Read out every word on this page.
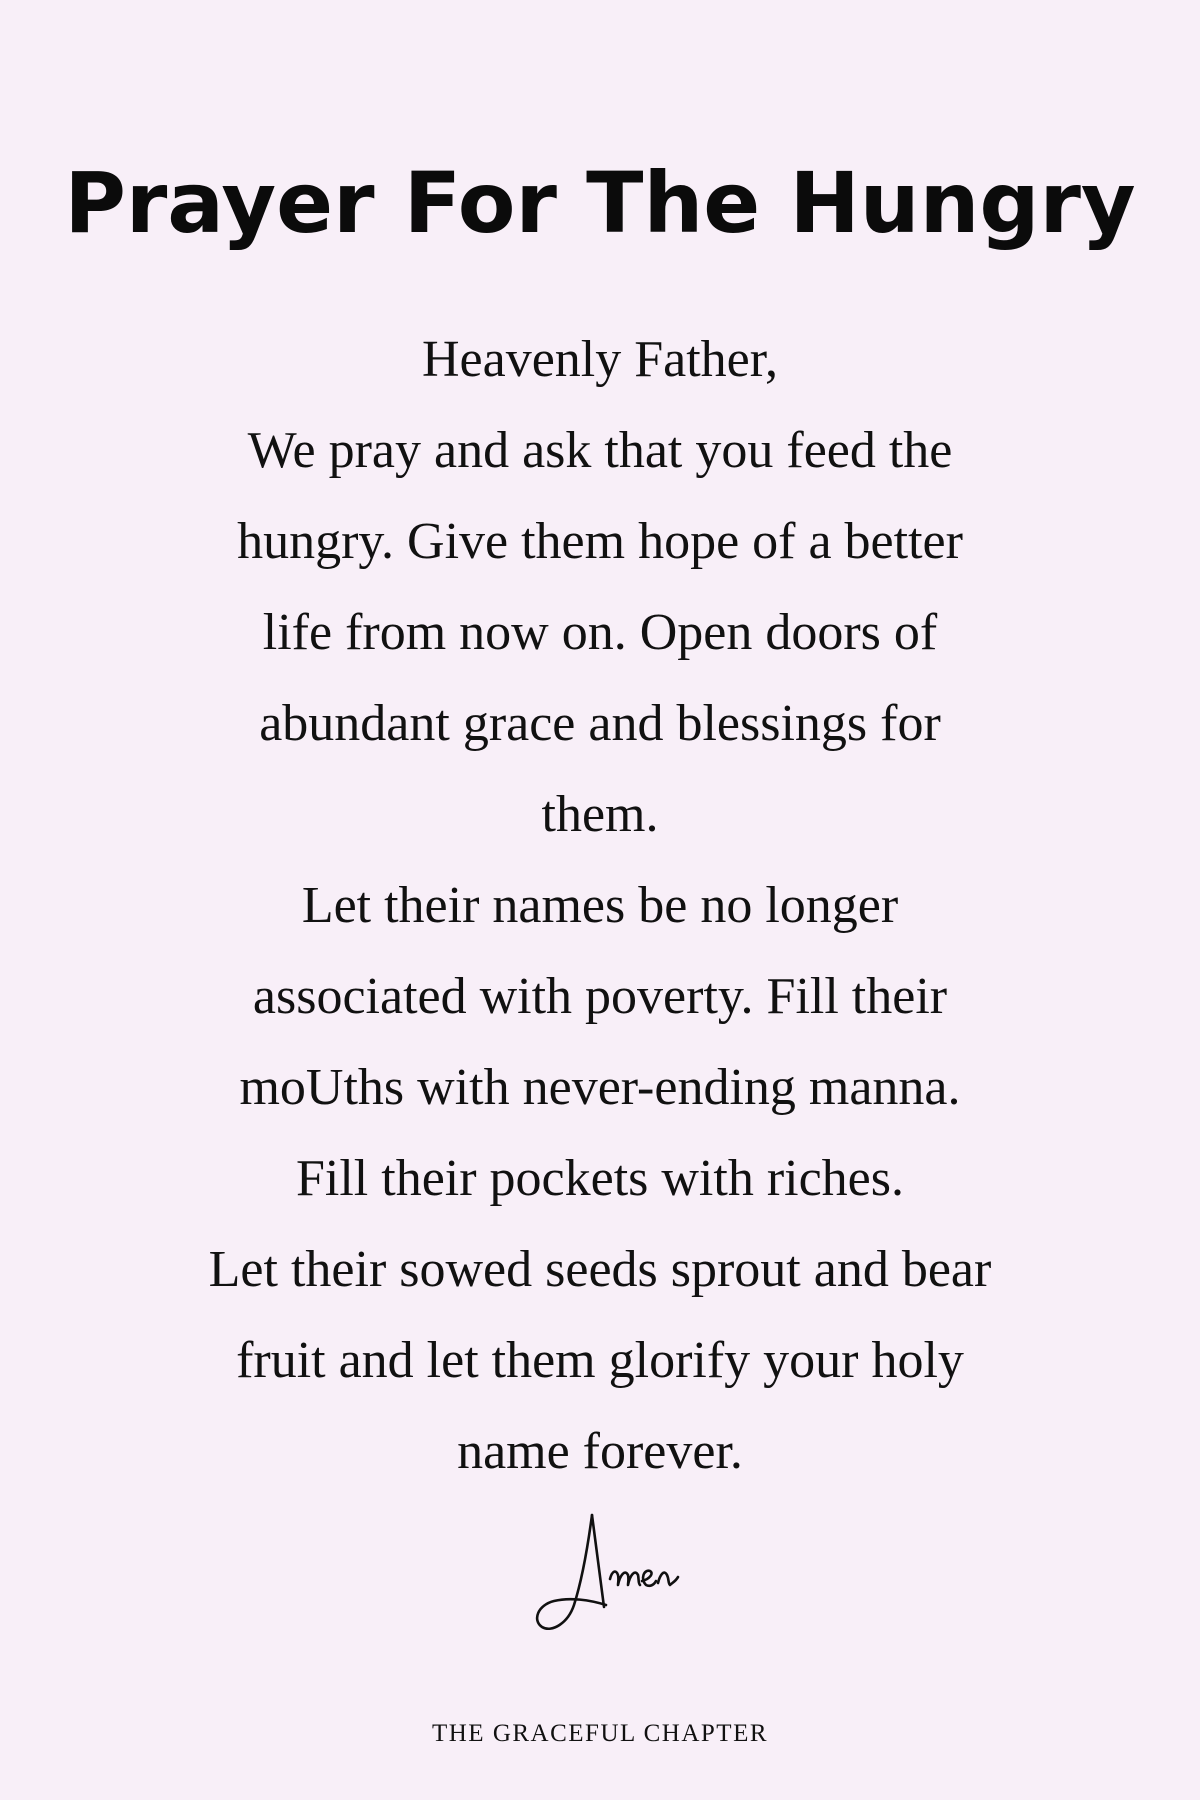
Prayer For The Hungry
Heavenly Father,
We pray and ask that you feed the
hungry. Give them hope of a better
life from now on. Open doors of
abundant grace and blessings for
them.
Let their names be no longer
associated with poverty. Fill their
moUths with never-ending manna.
Fill their pockets with riches.
Let their sowed seeds sprout and bear
fruit and let them glorify your holy
name forever.
THE GRACEFUL CHAPTER
